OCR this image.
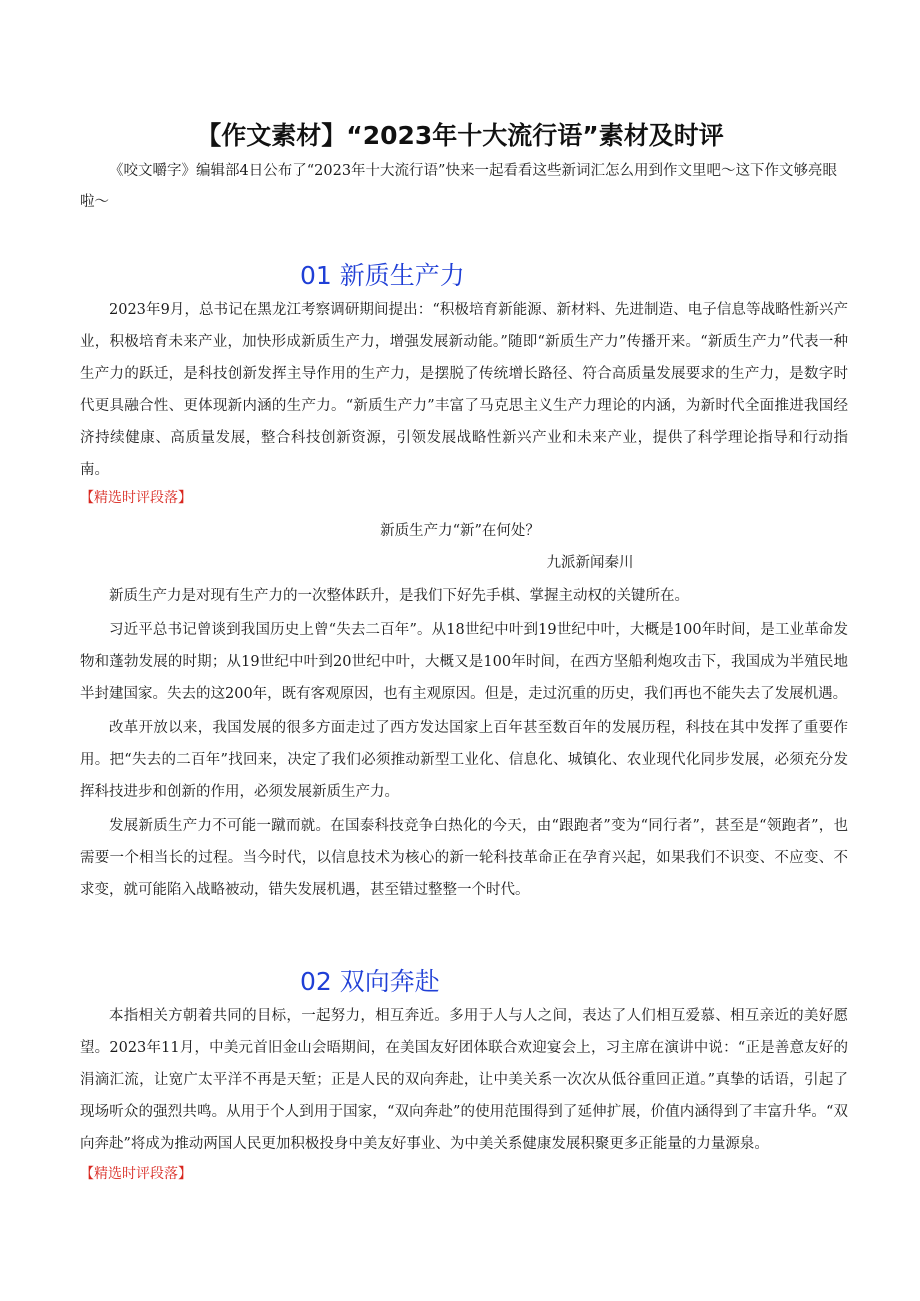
【作文素材】“2023年十大流行语”素材及时评
《咬文嚼字》编辑部4日公布了“2023年十大流行语”快来一起看看这些新词汇怎么用到作文里吧～这下作文够亮眼啦～
01 新质生产力

2023年9月，总书记在黑龙江考察调研期间提出：“积极培育新能源、新材料、先进制造、电子信息等战略性新兴产业，积极培育未来产业，加快形成新质生产力，增强发展新动能。”随即“新质生产力”传播开来。“新质生产力”代表一种生产力的跃迁，是科技创新发挥主导作用的生产力，是摆脱了传统增长路径、符合高质量发展要求的生产力，是数字时代更具融合性、更体现新内涵的生产力。“新质生产力”丰富了马克思主义生产力理论的内涵，为新时代全面推进我国经济持续健康、高质量发展，整合科技创新资源，引领发展战略性新兴产业和未来产业，提供了科学理论指导和行动指南。

【精选时评段落】
新质生产力“新”在何处？
九派新闻秦川

新质生产力是对现有生产力的一次整体跃升，是我们下好先手棋、掌握主动权的关键所在。

习近平总书记曾谈到我国历史上曾“失去二百年”。从18世纪中叶到19世纪中叶，大概是100年时间，是工业革命发物和蓬勃发展的时期；从19世纪中叶到20世纪中叶，大概又是100年时间，在西方坚船利炮攻击下，我国成为半殖民地半封建国家。失去的这200年，既有客观原因，也有主观原因。但是，走过沉重的历史，我们再也不能失去了发展机遇。

改革开放以来，我国发展的很多方面走过了西方发达国家上百年甚至数百年的发展历程，科技在其中发挥了重要作用。把“失去的二百年”找回来，决定了我们必须推动新型工业化、信息化、城镇化、农业现代化同步发展，必须充分发挥科技进步和创新的作用，必须发展新质生产力。

发展新质生产力不可能一蹴而就。在国泰科技竞争白热化的今天，由“跟跑者”变为“同行者”，甚至是“领跑者”，也需要一个相当长的过程。当今时代，以信息技术为核心的新一轮科技革命正在孕育兴起，如果我们不识变、不应变、不求变，就可能陷入战略被动，错失发展机遇，甚至错过整整一个时代。

02 双向奔赴

本指相关方朝着共同的目标，一起努力，相互奔近。多用于人与人之间，表达了人们相互爱慕、相互亲近的美好愿望。2023年11月，中美元首旧金山会晤期间，在美国友好团体联合欢迎宴会上，习主席在演讲中说：“正是善意友好的涓滴汇流，让宽广太平洋不再是天堑；正是人民的双向奔赴，让中美关系一次次从低谷重回正道。”真挚的话语，引起了现场听众的强烈共鸣。从用于个人到用于国家，“双向奔赴”的使用范围得到了延伸扩展，价值内涵得到了丰富升华。“双向奔赴”将成为推动两国人民更加积极投身中美友好事业、为中美关系健康发展积聚更多正能量的力量源泉。

【精选时评段落】
